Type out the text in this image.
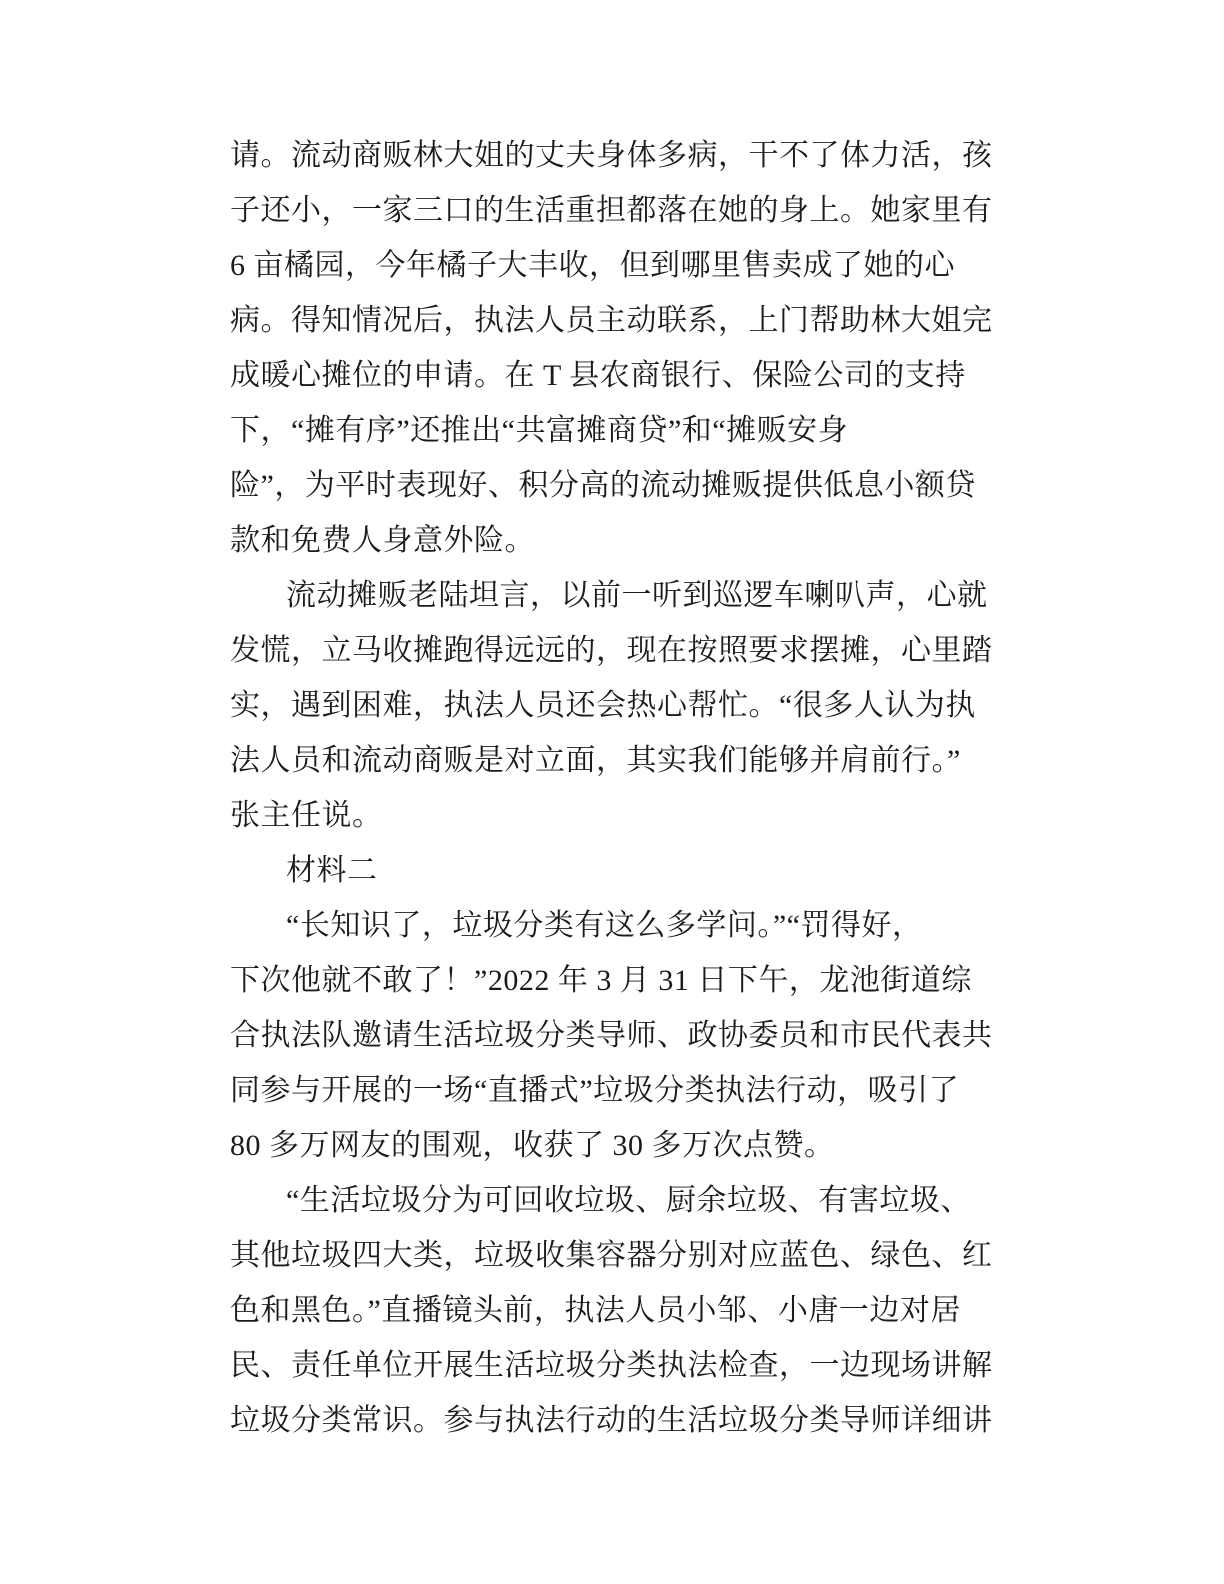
请。流动商贩林大姐的丈夫身体多病，干不了体力活，孩
子还小，一家三口的生活重担都落在她的身上。她家里有
6 亩橘园，今年橘子大丰收，但到哪里售卖成了她的心
病。得知情况后，执法人员主动联系，上门帮助林大姐完
成暖心摊位的申请。在 T 县农商银行、保险公司的支持
下，“摊有序”还推出“共富摊商贷”和“摊贩安身
险”，为平时表现好、积分高的流动摊贩提供低息小额贷
款和免费人身意外险。
流动摊贩老陆坦言，以前一听到巡逻车喇叭声，心就
发慌，立马收摊跑得远远的，现在按照要求摆摊，心里踏
实，遇到困难，执法人员还会热心帮忙。“很多人认为执
法人员和流动商贩是对立面，其实我们能够并肩前行。”
张主任说。
材料二
“长知识了，垃圾分类有这么多学问。”“罚得好，
下次他就不敢了！”2022 年 3 月 31 日下午，龙池街道综
合执法队邀请生活垃圾分类导师、政协委员和市民代表共
同参与开展的一场“直播式”垃圾分类执法行动，吸引了
80 多万网友的围观，收获了 30 多万次点赞。
“生活垃圾分为可回收垃圾、厨余垃圾、有害垃圾、
其他垃圾四大类，垃圾收集容器分别对应蓝色、绿色、红
色和黑色。”直播镜头前，执法人员小邹、小唐一边对居
民、责任单位开展生活垃圾分类执法检查，一边现场讲解
垃圾分类常识。参与执法行动的生活垃圾分类导师详细讲
